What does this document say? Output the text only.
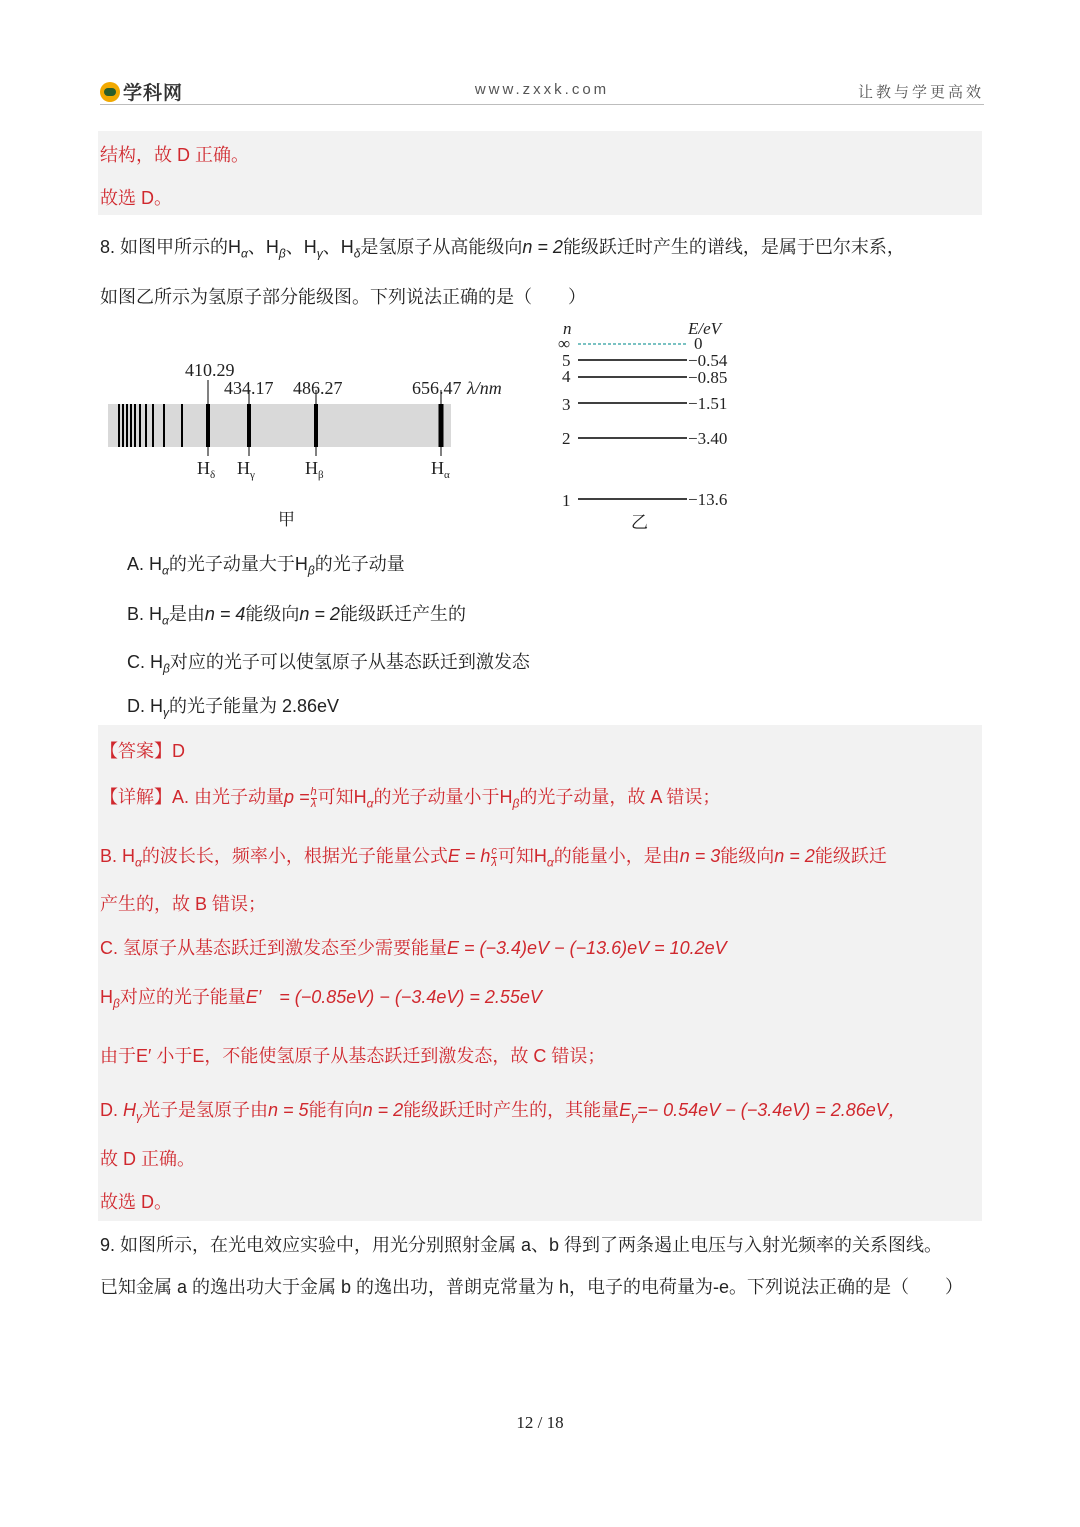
学科网	www.zxxk.com	让教与学更高效
结构，故 D 正确。
故选 D。
8. 如图甲所示的$H_\alpha$、$H_\beta$、$H_\gamma$、$H_\delta$是氢原子从高能级向n = 2能级跃迁时产生的谱线，是属于巴尔末系，
如图乙所示为氢原子部分能级图。下列说法正确的是（　　）
410.29
434.17 486.27	656.47 λ/nm
$H_\delta$ $H_\gamma$	$H_\beta$	$H_\alpha$
甲
n	E/eV
∞	0
5	−0.54
4	−0.85
3	−1.51
2	−3.40
1	−13.6
乙
A. $H_\alpha$的光子动量大于$H_\beta$的光子动量
B. $H_\alpha$是由n = 4能级向n = 2能级跃迁产生的
C. $H_\beta$对应的光子可以使氢原子从基态跃迁到激发态
D. $H_\gamma$的光子能量为 2.86eV
【答案】D
【详解】A. 由光子动量$p = \frac{h}{\lambda}$ 可知$H_\alpha$的光子动量小于$H_\beta$的光子动量，故 A 错误；
B. $H_\alpha$的波长长，频率小，根据光子能量公式E = h $\frac{c}{\lambda}$ 可知$H_\alpha$的能量小，是由n = 3能级向n = 2能级跃迁
产生的，故 B 错误；
C. 氢原子从基态跃迁到激发态至少需要能量E = (−3.4)eV − (−13.6)eV = 10.2eV
$H_\beta$对应的光子能量E′　= (−0.85eV) − (−3.4eV) = 2.55eV
由于E′ 小于E，不能使氢原子从基态跃迁到激发态，故 C 错误；
D. $H_\gamma$光子是氢原子由n = 5能有向n = 2能级跃迁时产生的，其能量$E_\gamma=- 0.54eV - (-3.4eV) = 2.86eV$，
故 D 正确。
故选 D。
9. 如图所示，在光电效应实验中，用光分别照射金属 a、b 得到了两条遏止电压与入射光频率的关系图线。
已知金属 a 的逸出功大于金属 b 的逸出功，普朗克常量为 h，电子的电荷量为-e。下列说法正确的是（　　）
12 / 18
